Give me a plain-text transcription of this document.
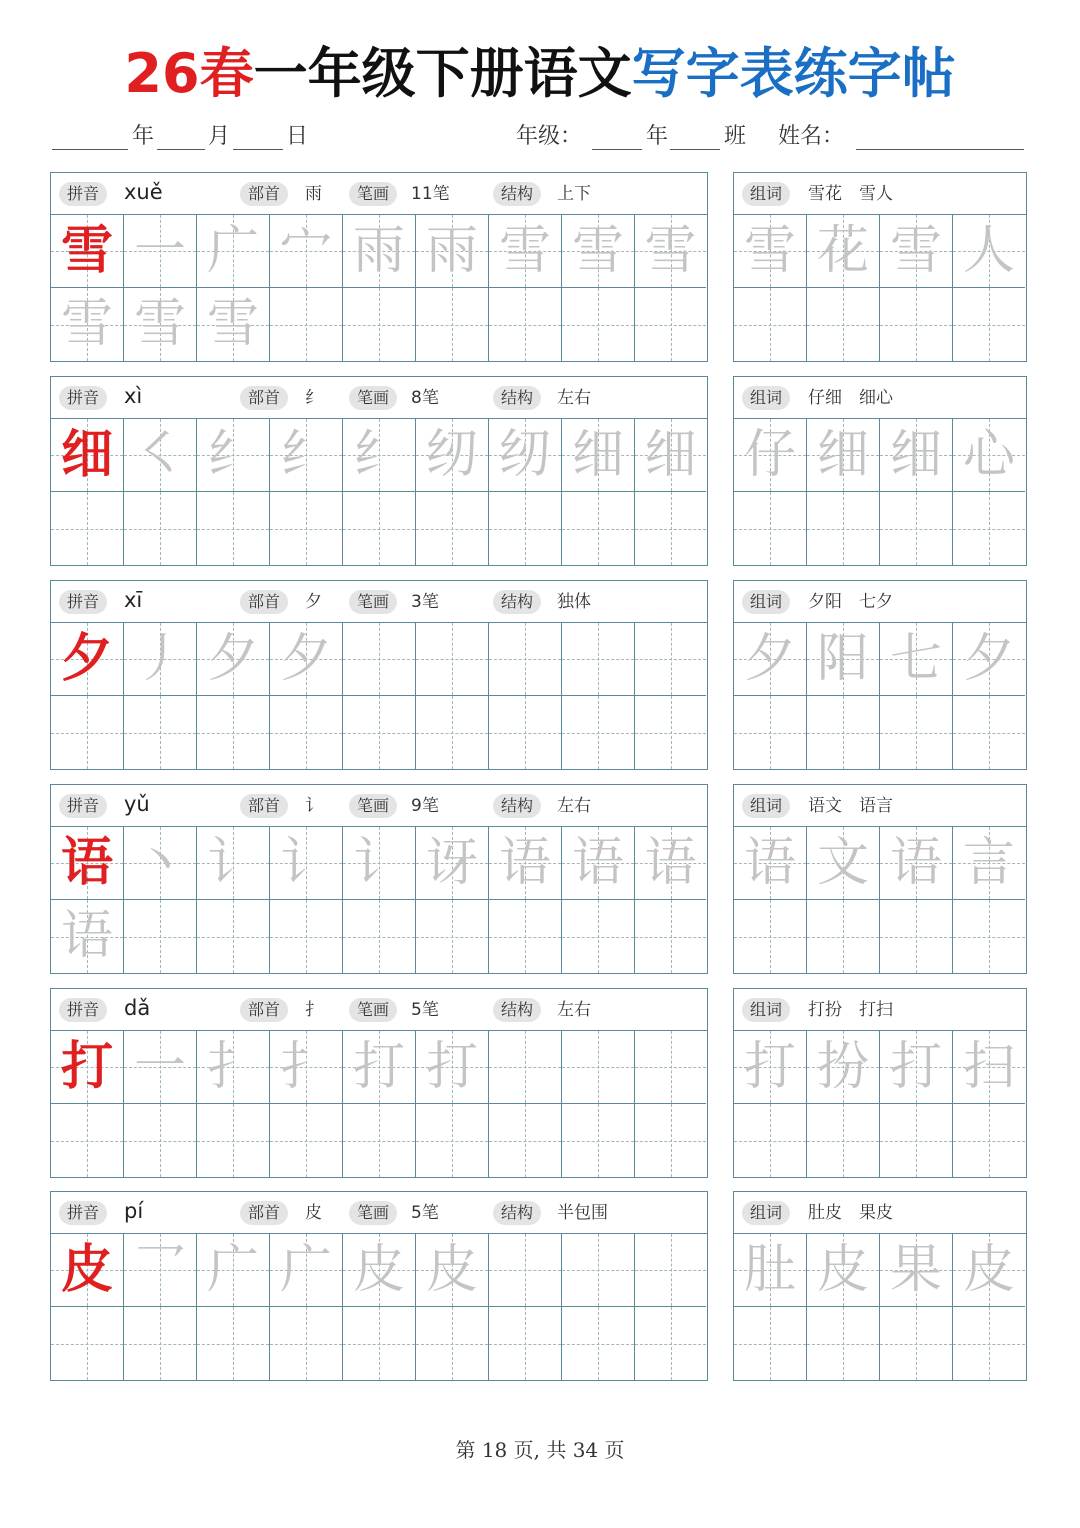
26春一年级下册语文写字表练字帖
年 月	日	年级：	年	班 姓名：
拼音	xuě	部首	雨	笔画	11笔	结构	上下
雪 一 广 宀 雨 雨 雪 雪 雪
雪 雪 雪
组词	雪花　雪人
雪 花 雪 人
拼音	xì	部首	纟	笔画	8笔	结构	左右
细 ㇛ 纟 纟 纟 纫 纫 细 细
组词	仔细　细心
仔 细 细 心
拼音	xī	部首	夕	笔画	3笔	结构	独体
夕 丿 夕 夕
组词	夕阳　七夕
夕 阳 七 夕
拼音	yǔ	部首	讠	笔画	9笔	结构	左右
语 丶 讠 讠 讠 讶 语 语 语
语
组词	语文　语言
语 文 语 言
拼音	dǎ	部首	扌	笔画	5笔	结构	左右
打 一 扌 扌 打 打
组词	打扮　打扫
打 扮 打 扫
拼音	pí	部首	皮	笔画	5笔	结构	半包围
皮 乛 广 广 皮 皮
组词	肚皮　果皮
肚 皮 果 皮
第 18 页, 共 34 页
